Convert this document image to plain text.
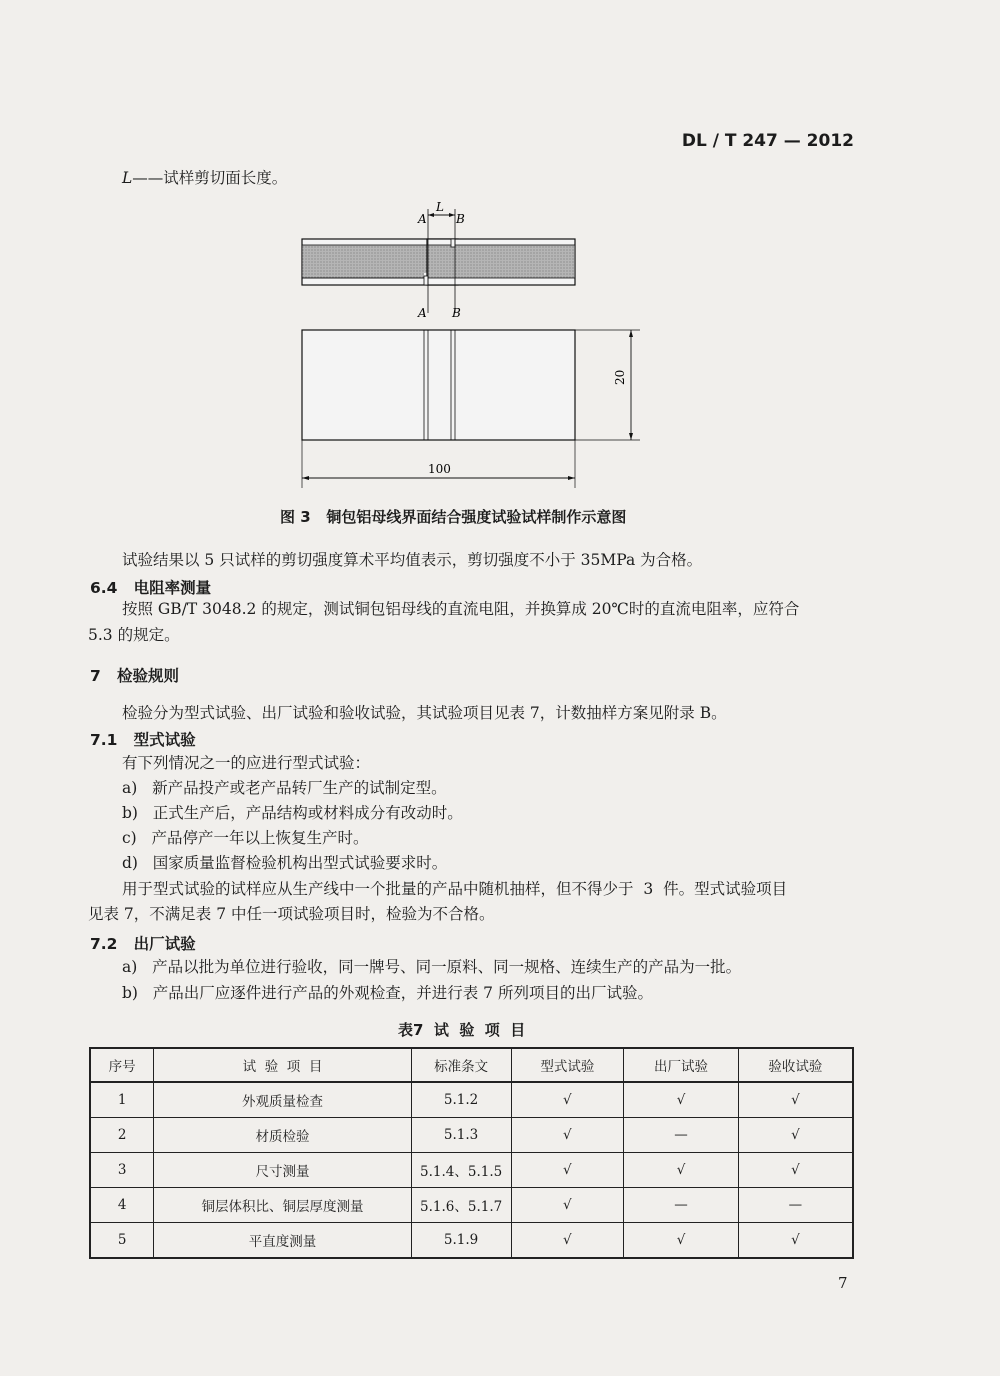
DL / T 247 — 2012
L——试样剪切面长度。
L
A B
A B
20
100
图 3   铜包铝母线界面结合强度试验试样制作示意图
试验结果以 5 只试样的剪切强度算术平均值表示，剪切强度不小于 35MPa 为合格。
6.4 电阻率测量
按照 GB/T 3048.2 的规定，测试铜包铝母线的直流电阻，并换算成 20℃时的直流电阻率，应符合
5.3 的规定。
7 检验规则
检验分为型式试验、出厂试验和验收试验，其试验项目见表 7，计数抽样方案见附录 B。
7.1 型式试验
有下列情况之一的应进行型式试验：
a)   新产品投产或老产品转厂生产的试制定型。
b)   正式生产后，产品结构或材料成分有改动时。
c)   产品停产一年以上恢复生产时。
d)   国家质量监督检验机构出型式试验要求时。
用于型式试验的试样应从生产线中一个批量的产品中随机抽样，但不得少于  3  件。型式试验项目
见表 7，不满足表 7 中任一项试验项目时，检验为不合格。
7.2 出厂试验
a)   产品以批为单位进行验收，同一牌号、同一原料、同一规格、连续生产的产品为一批。
b)   产品出厂应逐件进行产品的外观检查，并进行表 7 所列项目的出厂试验。
表7  试  验  项  目
序号	试  验  项  目	标准条文	型式试验	出厂试验	验收试验
1	外观质量检查	5.1.2	√	√	√
2	材质检验	5.1.3	√	—	√
3	尺寸测量	5.1.4、5.1.5	√	√	√
4	铜层体积比、铜层厚度测量	5.1.6、5.1.7	√	—	—
5	平直度测量	5.1.9	√	√	√
7
